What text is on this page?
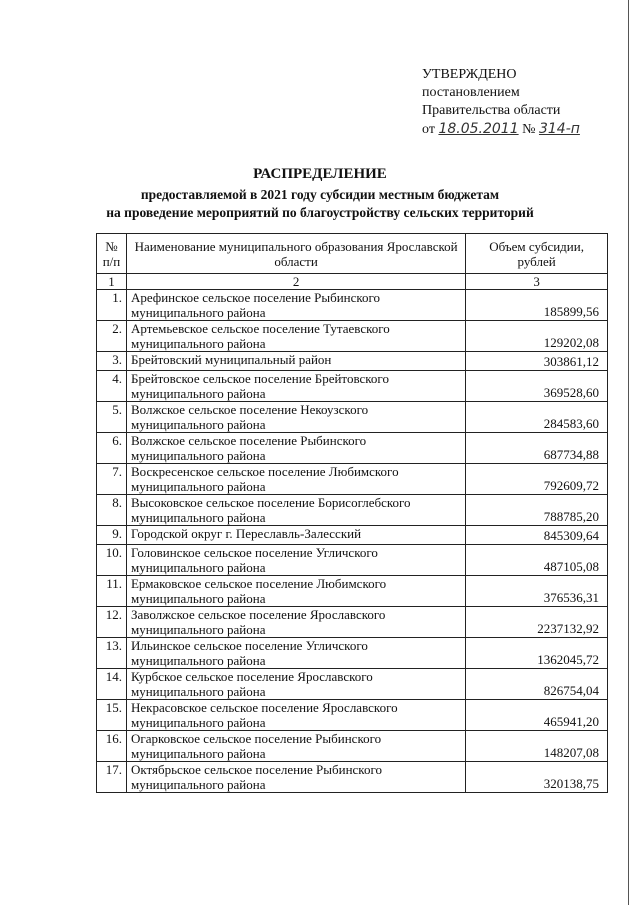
УТВЕРЖДЕНО
постановлением
Правительства области
от 18.05.2011 № 314-п
РАСПРЕДЕЛЕНИЕ
предоставляемой в 2021 году субсидии местным бюджетам
на проведение мероприятий по благоустройству сельских территорий
№ п/п	Наименование муниципального образования Ярославской области	Объем субсидии, рублей
1	2	3
1.	Арефинское сельское поселение Рыбинского муниципального района	185899,56
2.	Артемьевское сельское поселение Тутаевского муниципального района	129202,08
3.	Брейтовский муниципальный район	303861,12
4.	Брейтовское сельское поселение Брейтовского муниципального района	369528,60
5.	Волжское сельское поселение Некоузского муниципального района	284583,60
6.	Волжское сельское поселение Рыбинского муниципального района	687734,88
7.	Воскресенское сельское поселение Любимского муниципального района	792609,72
8.	Высоковское сельское поселение Борисоглебского муниципального района	788785,20
9.	Городской округ г. Переславль-Залесский	845309,64
10.	Головинское сельское поселение Угличского муниципального района	487105,08
11.	Ермаковское сельское поселение Любимского муниципального района	376536,31
12.	Заволжское сельское поселение Ярославского муниципального района	2237132,92
13.	Ильинское сельское поселение Угличского муниципального района	1362045,72
14.	Курбское сельское поселение Ярославского муниципального района	826754,04
15.	Некрасовское сельское поселение Ярославского муниципального района	465941,20
16.	Огарковское сельское поселение Рыбинского муниципального района	148207,08
17.	Октябрьское сельское поселение Рыбинского муниципального района	320138,75
